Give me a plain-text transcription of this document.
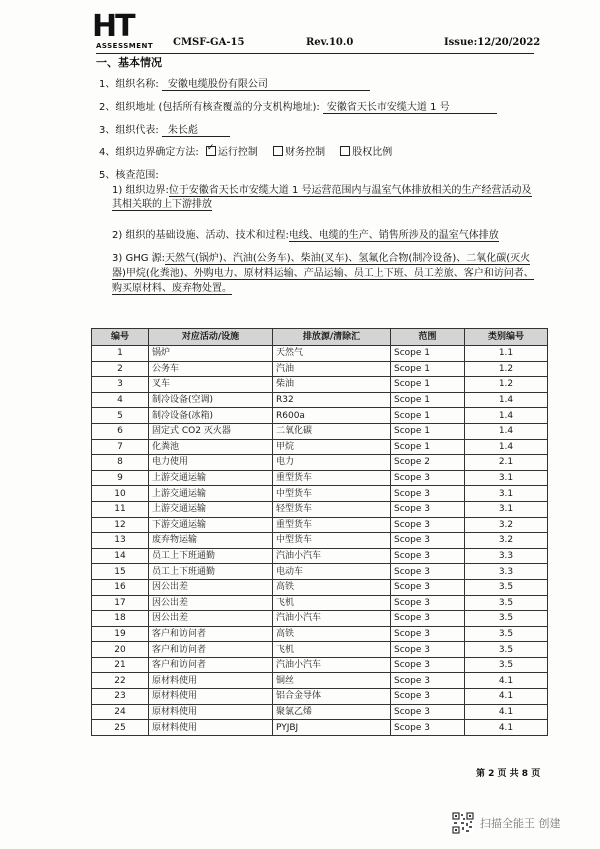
HT
ASSESSMENT CMSF-GA-15	Rev.10.0	Issue:12/20/2022
一、基本情况
1、组织名称: 安徽电缆股份有限公司
2、组织地址 (包括所有核查覆盖的分支机构地址): 安徽省天长市安缆大道 1 号
3、组织代表: 朱长彪
4、组织边界确定方法: ✓ 运行控制	财务控制	股权比例
5、核查范围:
1) 组织边界:位于安徽省天长市安缆大道 1 号运营范围内与温室气体排放相关的生产经营活动及其相关联的上下游排放
2) 组织的基础设施、活动、技术和过程:电线、电缆的生产、销售所涉及的温室气体排放
3) GHG 源:天然气(锅炉)、汽油(公务车)、柴油(叉车)、氢氟化合物(制冷设备)、二氧化碳(灭火器)甲烷(化粪池)、外购电力、原材料运输、产品运输、员工上下班、员工差旅、客户和访问者、购买原材料、废弃物处置。
编号	对应活动/设施	排放源/清除汇	范围	类别编号
1	锅炉	天然气	Scope 1	1.1
2	公务车	汽油	Scope 1	1.2
3	叉车	柴油	Scope 1	1.2
4	制冷设备(空调)	R32	Scope 1	1.4
5	制冷设备(冰箱)	R600a	Scope 1	1.4
6	固定式 CO2 灭火器	二氧化碳	Scope 1	1.4
7	化粪池	甲烷	Scope 1	1.4
8	电力使用	电力	Scope 2	2.1
9	上游交通运输	重型货车	Scope 3	3.1
10	上游交通运输	中型货车	Scope 3	3.1
11	上游交通运输	轻型货车	Scope 3	3.1
12	下游交通运输	重型货车	Scope 3	3.2
13	废弃物运输	中型货车	Scope 3	3.2
14	员工上下班通勤	汽油小汽车	Scope 3	3.3
15	员工上下班通勤	电动车	Scope 3	3.3
16	因公出差	高铁	Scope 3	3.5
17	因公出差	飞机	Scope 3	3.5
18	因公出差	汽油小汽车	Scope 3	3.5
19	客户和访问者	高铁	Scope 3	3.5
20	客户和访问者	飞机	Scope 3	3.5
21	客户和访问者	汽油小汽车	Scope 3	3.5
22	原材料使用	铜丝	Scope 3	4.1
23	原材料使用	铝合金导体	Scope 3	4.1
24	原材料使用	聚氯乙烯	Scope 3	4.1
25	原材料使用	PYJBJ	Scope 3	4.1
第 2 页 共 8 页
扫描全能王 创建
